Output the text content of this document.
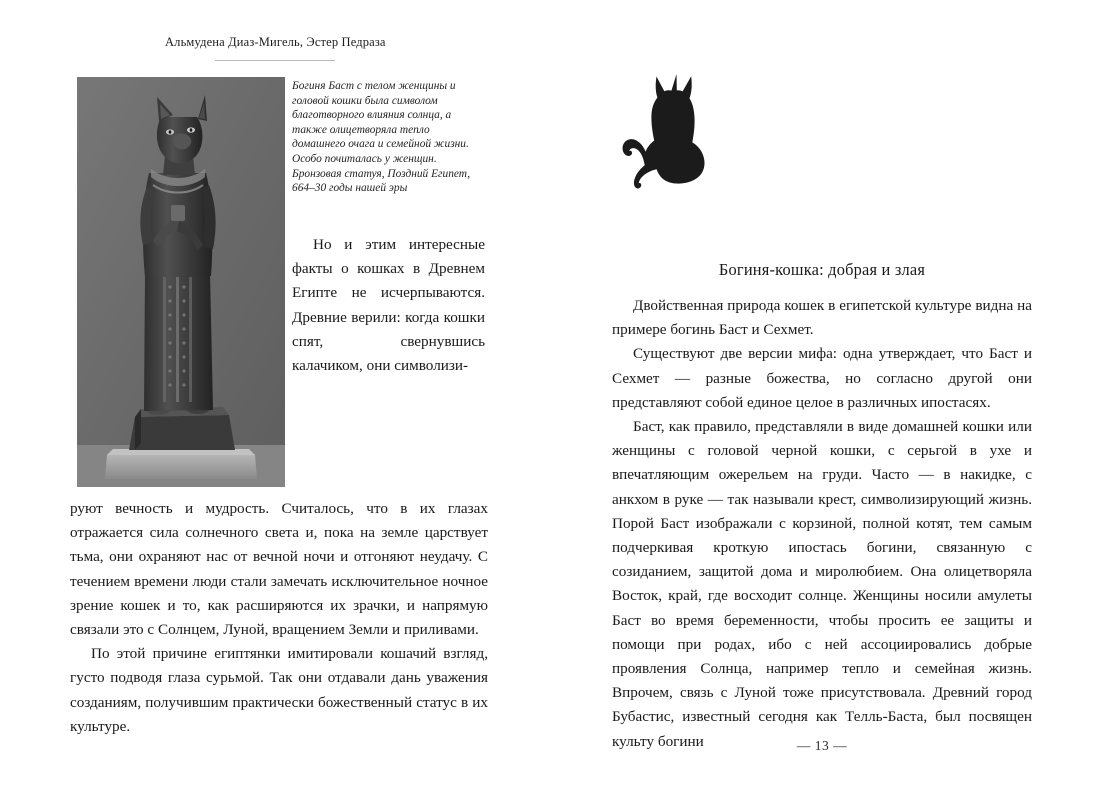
Альмудена Диаз-Мигель, Эстер Педраза
Богиня Баст с телом женщины и головой кошки была символом благотворного влияния солнца, а также олицетворяла тепло домашнего очага и семейной жизни. Особо почиталась у женщин. Бронзовая статуя, Поздний Египет, 664–30 годы нашей эры

Но и этим интересные факты о кошках в Древнем Египте не исчерпываются. Древние верили: когда кошки спят, свернувшись калачиком, они символизи-

руют вечность и мудрость. Считалось, что в их глазах отражается сила солнечного света и, пока на земле царствует тьма, они охраняют нас от вечной ночи и отгоняют неудачу. С течением времени люди стали замечать исключительное ночное зрение кошек и то, как расширяются их зрачки, и напрямую связали это с Солнцем, Луной, вращением Земли и приливами.

По этой причине египтянки имитировали кошачий взгляд, густо подводя глаза сурьмой. Так они отдавали дань уважения созданиям, получившим практически божественный статус в их культуре.

Богиня-кошка: добрая и злая

Двойственная природа кошек в египетской культуре видна на примере богинь Баст и Сехмет.

Существуют две версии мифа: одна утверждает, что Баст и Сехмет — разные божества, но согласно другой они представляют собой единое целое в различных ипостасях.

Баст, как правило, представляли в виде домашней кошки или женщины с головой черной кошки, с серьгой в ухе и впечатляющим ожерельем на груди. Часто — в накидке, с анкхом в руке — так называли крест, символизирующий жизнь. Порой Баст изображали с корзиной, полной котят, тем самым подчеркивая кроткую ипостась богини, связанную с созиданием, защитой дома и миролюбием. Она олицетворяла Восток, край, где восходит солнце. Женщины носили амулеты Баст во время беременности, чтобы просить ее защиты и помощи при родах, ибо с ней ассоциировались добрые проявления Солнца, например тепло и семейная жизнь. Впрочем, связь с Луной тоже присутствовала. Древний город Бубастис, известный сегодня как Телль-Баста, был посвящен культу богини	— 13 —
